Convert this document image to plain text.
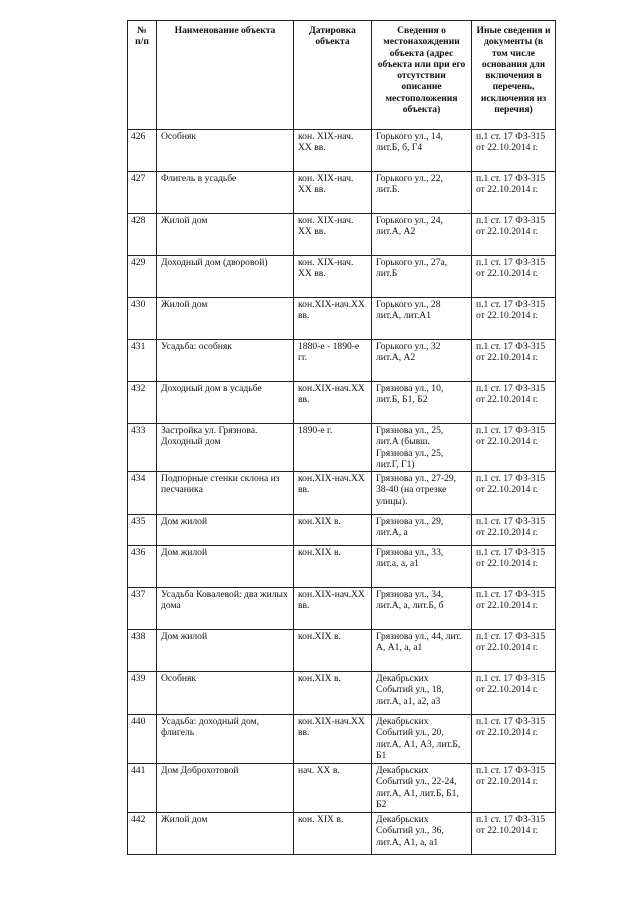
№ п/п	Наименование объекта	Датировка объекта	Сведения о местонахождении объекта (адрес объекта или при его отсутствии описание местоположения объекта)	Иные сведения и документы (в том числе основания для включения в перечень, исключения из перечня)
426	Особняк	кон. XIX-нач. XX вв.	Горького ул., 14, лит.Б, б, Г4	п.1 ст. 17 ФЗ-315 от 22.10.2014 г.
427	Флигель в усадьбе	кон. XIX-нач. XX вв.	Горького ул., 22, лит.Б.	п.1 ст. 17 ФЗ-315 от 22.10.2014 г.
428	Жилой дом	кон. XIX-нач. XX вв.	Горького ул., 24, лит.А, А2	п.1 ст. 17 ФЗ-315 от 22.10.2014 г.
429	Доходный дом (дворовой)	кон. XIX-нач. XX вв.	Горького ул., 27а, лит.Б	п.1 ст. 17 ФЗ-315 от 22.10.2014 г.
430	Жилой дом	кон.XIX-нач.XX вв.	Горького ул., 28 лит.А, лит.А1	п.1 ст. 17 ФЗ-315 от 22.10.2014 г.
431	Усадьба: особняк	1880-е - 1890-е гг.	Горького ул., 32 лит.А, А2	п.1 ст. 17 ФЗ-315 от 22.10.2014 г.
432	Доходный дом в усадьбе	кон.XIX-нач.XX вв.	Грязнова ул., 10, лит.Б, Б1, Б2	п.1 ст. 17 ФЗ-315 от 22.10.2014 г.
433	Застройка ул. Грязнова. Доходный дом	1890-е г.	Грязнова ул., 25, лит.А (бывш. Грязнова ул., 25, лит.Г, Г1)	п.1 ст. 17 ФЗ-315 от 22.10.2014 г.
434	Подпорные стенки склона из песчаника	кон.XIX-нач.XX вв.	Грязнова ул., 27-29, 38-40 (на отрезке улицы).	п.1 ст. 17 ФЗ-315 от 22.10.2014 г.
435	Дом жилой	кон.XIX в.	Грязнова ул., 29, лит.А, а	п.1 ст. 17 ФЗ-315 от 22.10.2014 г.
436	Дом жилой	кон.XIX в.	Грязнова ул., 33, лит.а, а, а1	п.1 ст. 17 ФЗ-315 от 22.10.2014 г.
437	Усадьба Ковалевой: два жилых дома	кон.XIX-нач.XX вв.	Грязнова ул., 34, лит.А, а, лит.Б, б	п.1 ст. 17 ФЗ-315 от 22.10.2014 г.
438	Дом жилой	кон.XIX в.	Грязнова ул., 44, лит. А, А1, а, а1	п.1 ст. 17 ФЗ-315 от 22.10.2014 г.
439	Особняк	кон.XIX в.	Декабрьских Событий ул., 18, лит.А, а1, а2, а3	п.1 ст. 17 ФЗ-315 от 22.10.2014 г.
440	Усадьба: доходный дом, флигель	кон.XIX-нач.XX вв.	Декабрьских Событий ул., 20, лит.А, А1, А3, лит.Б, Б1	п.1 ст. 17 ФЗ-315 от 22.10.2014 г.
441	Дом Доброхотовой	нач. XX в.	Декабрьских Событий ул., 22-24, лит.А, А1, лит.Б, Б1, Б2	п.1 ст. 17 ФЗ-315 от 22.10.2014 г.
442	Жилой дом	кон. XIX в.	Декабрьских Событий ул., 36, лит.А, А1, а, а1	п.1 ст. 17 ФЗ-315 от 22.10.2014 г.
